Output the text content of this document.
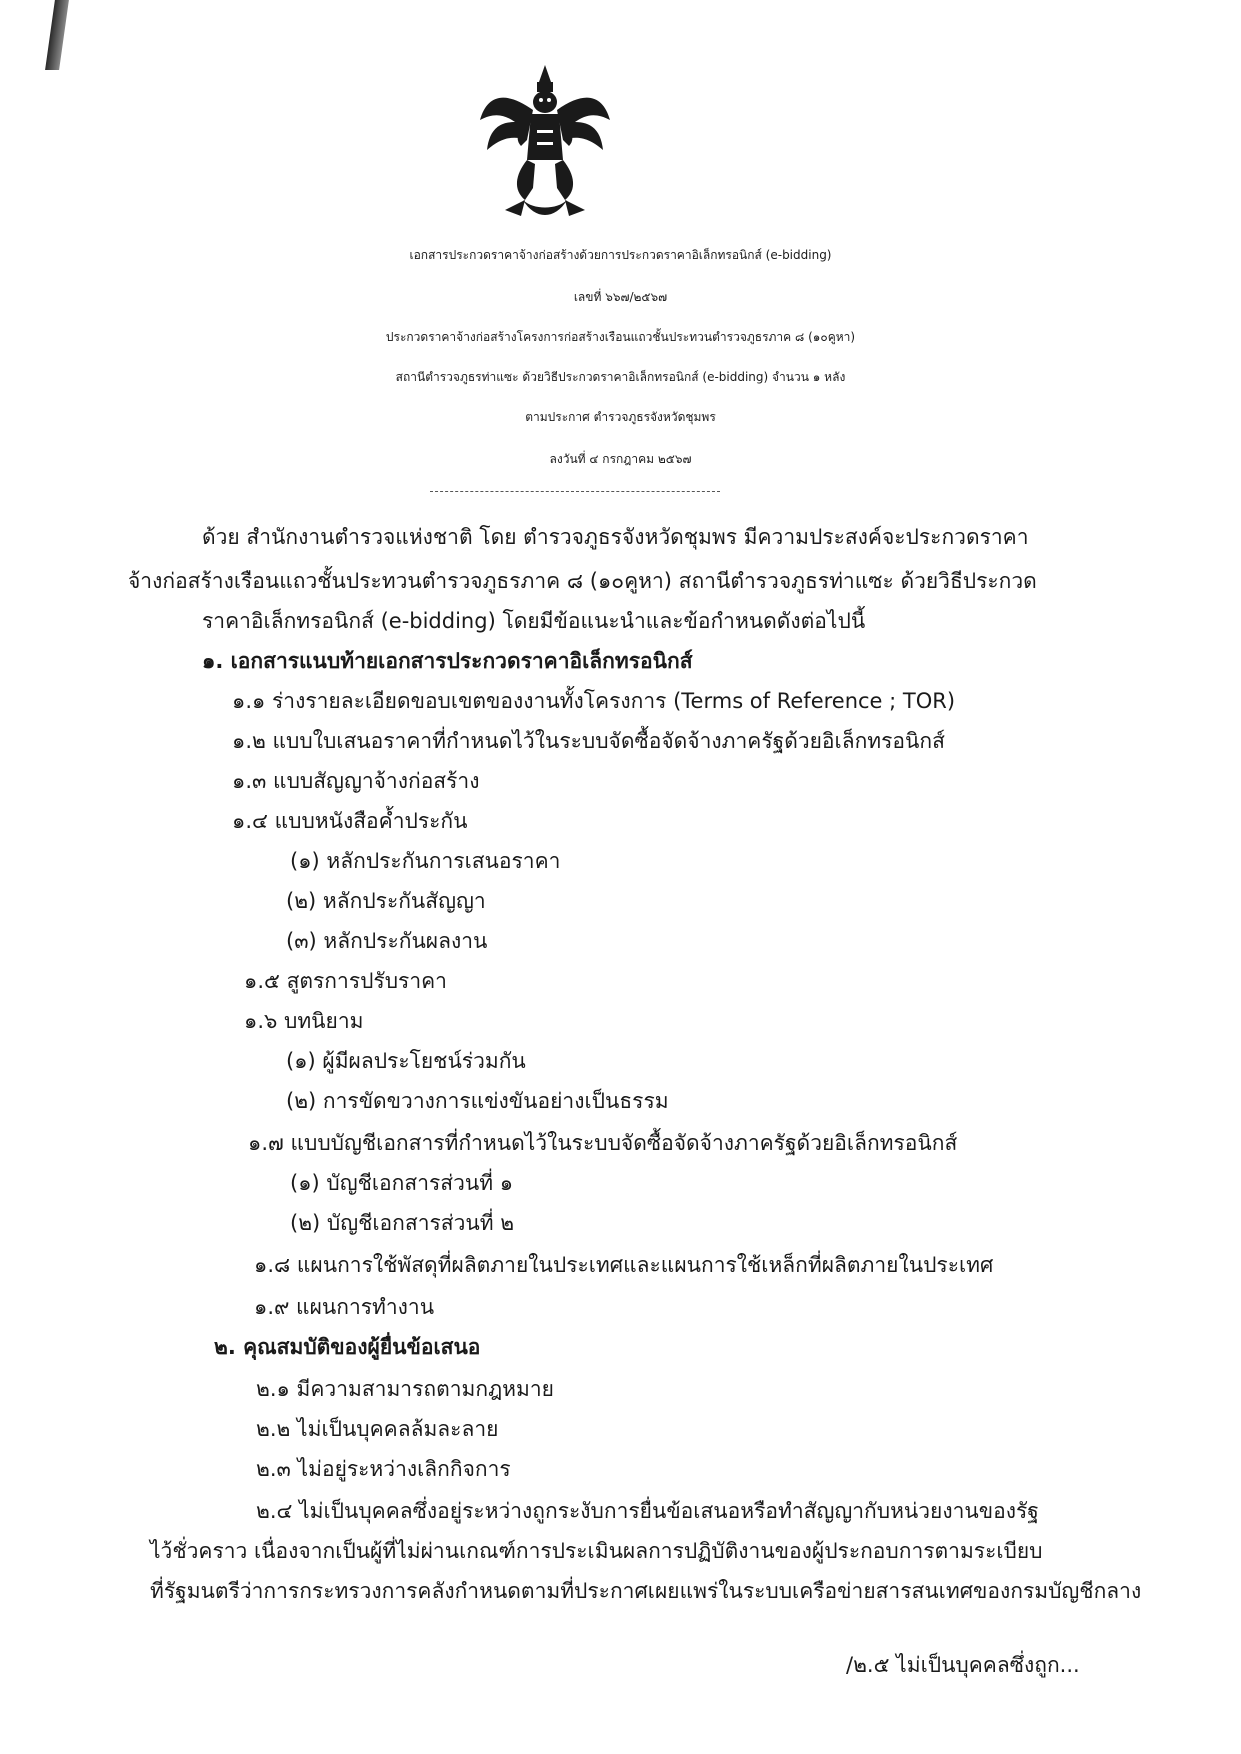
เอกสารประกวดราคาจ้างก่อสร้างด้วยการประกวดราคาอิเล็กทรอนิกส์ (e-bidding)
เลขที่ ๖๖๗/๒๕๖๗
ประกวดราคาจ้างก่อสร้างโครงการก่อสร้างเรือนแถวชั้นประทวนตำรวจภูธรภาค ๘ (๑๐คูหา)
สถานีตำรวจภูธรท่าแซะ ด้วยวิธีประกวดราคาอิเล็กทรอนิกส์ (e-bidding) จำนวน ๑ หลัง
ตามประกาศ ตำรวจภูธรจังหวัดชุมพร
ลงวันที่ ๔ กรกฎาคม ๒๕๖๗
ด้วย สำนักงานตำรวจแห่งชาติ โดย ตำรวจภูธรจังหวัดชุมพร มีความประสงค์จะประกวดราคา
จ้างก่อสร้างเรือนแถวชั้นประทวนตำรวจภูธรภาค ๘ (๑๐คูหา) สถานีตำรวจภูธรท่าแซะ ด้วยวิธีประกวด
ราคาอิเล็กทรอนิกส์ (e-bidding) โดยมีข้อแนะนำและข้อกำหนดดังต่อไปนี้
๑. เอกสารแนบท้ายเอกสารประกวดราคาอิเล็กทรอนิกส์
๑.๑ ร่างรายละเอียดขอบเขตของงานทั้งโครงการ (Terms of Reference ; TOR)
๑.๒ แบบใบเสนอราคาที่กำหนดไว้ในระบบจัดซื้อจัดจ้างภาครัฐด้วยอิเล็กทรอนิกส์
๑.๓ แบบสัญญาจ้างก่อสร้าง
๑.๔ แบบหนังสือค้ำประกัน
(๑) หลักประกันการเสนอราคา
(๒) หลักประกันสัญญา
(๓) หลักประกันผลงาน
๑.๕ สูตรการปรับราคา
๑.๖ บทนิยาม
(๑) ผู้มีผลประโยชน์ร่วมกัน
(๒) การขัดขวางการแข่งขันอย่างเป็นธรรม
๑.๗ แบบบัญชีเอกสารที่กำหนดไว้ในระบบจัดซื้อจัดจ้างภาครัฐด้วยอิเล็กทรอนิกส์
(๑) บัญชีเอกสารส่วนที่ ๑
(๒) บัญชีเอกสารส่วนที่ ๒
๑.๘ แผนการใช้พัสดุที่ผลิตภายในประเทศและแผนการใช้เหล็กที่ผลิตภายในประเทศ
๑.๙ แผนการทำงาน
๒. คุณสมบัติของผู้ยื่นข้อเสนอ
๒.๑ มีความสามารถตามกฎหมาย
๒.๒ ไม่เป็นบุคคลล้มละลาย
๒.๓ ไม่อยู่ระหว่างเลิกกิจการ
๒.๔ ไม่เป็นบุคคลซึ่งอยู่ระหว่างถูกระงับการยื่นข้อเสนอหรือทำสัญญากับหน่วยงานของรัฐ
ไว้ชั่วคราว เนื่องจากเป็นผู้ที่ไม่ผ่านเกณฑ์การประเมินผลการปฏิบัติงานของผู้ประกอบการตามระเบียบ
ที่รัฐมนตรีว่าการกระทรวงการคลังกำหนดตามที่ประกาศเผยแพร่ในระบบเครือข่ายสารสนเทศของกรมบัญชีกลาง
/๒.๕ ไม่เป็นบุคคลซึ่งถูก...
